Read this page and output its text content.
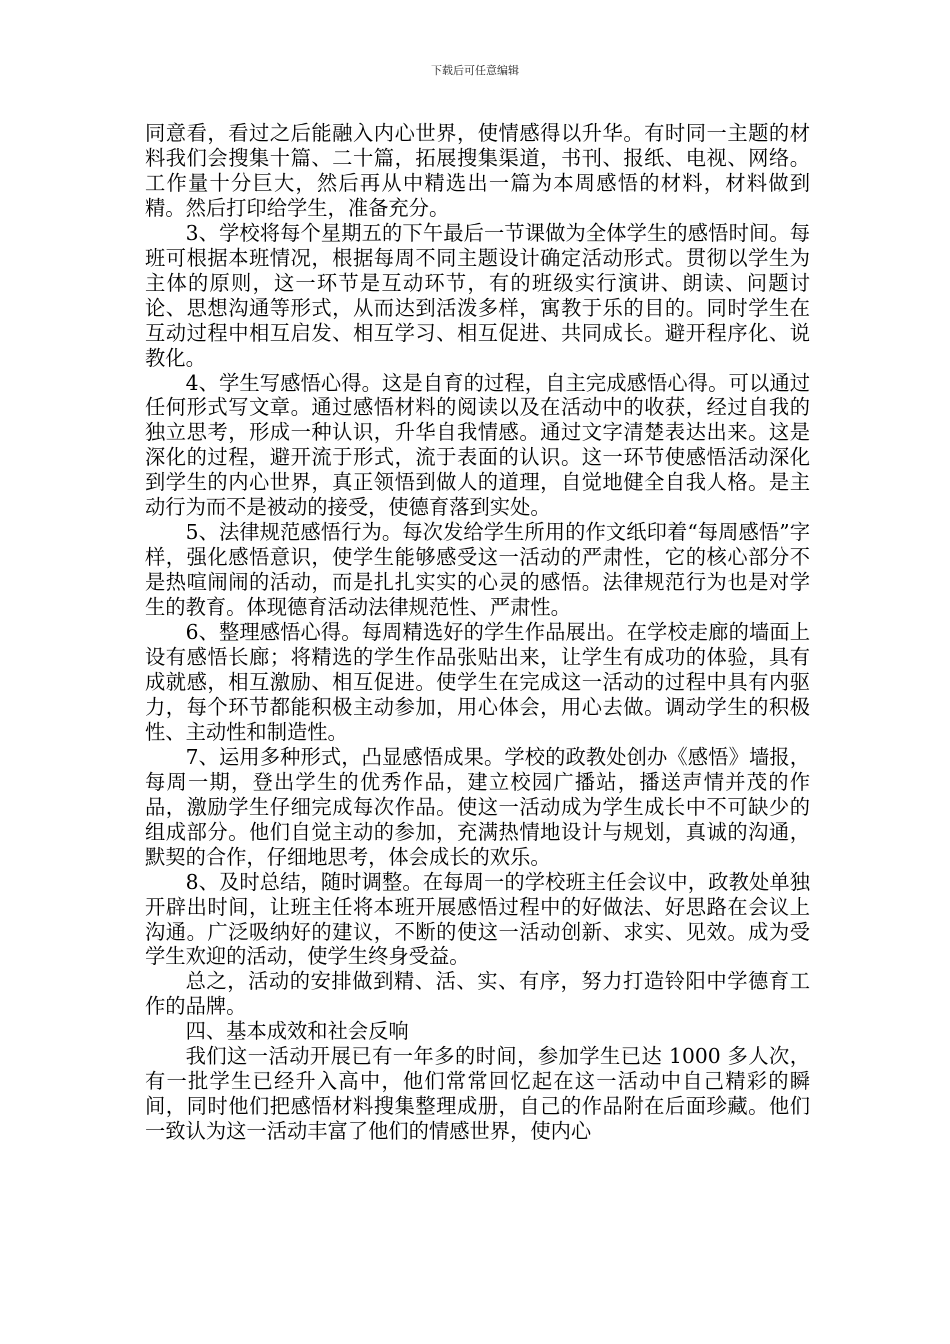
下载后可任意编辑

同意看，看过之后能融入内心世界，使情感得以升华。有时同一主题的材料我们会搜集十篇、二十篇，拓展搜集渠道，书刊、报纸、电视、网络。工作量十分巨大，然后再从中精选出一篇为本周感悟的材料，材料做到精。然后打印给学生，准备充分。

3、学校将每个星期五的下午最后一节课做为全体学生的感悟时间。每班可根据本班情况，根据每周不同主题设计确定活动形式。贯彻以学生为主体的原则，这一环节是互动环节，有的班级实行演讲、朗读、问题讨论、思想沟通等形式，从而达到活泼多样，寓教于乐的目的。同时学生在互动过程中相互启发、相互学习、相互促进、共同成长。避开程序化、说教化。

4、学生写感悟心得。这是自育的过程，自主完成感悟心得。可以通过任何形式写文章。通过感悟材料的阅读以及在活动中的收获，经过自我的独立思考，形成一种认识，升华自我情感。通过文字清楚表达出来。这是深化的过程，避开流于形式，流于表面的认识。这一环节使感悟活动深化到学生的内心世界，真正领悟到做人的道理，自觉地健全自我人格。是主动行为而不是被动的接受，使德育落到实处。

5、法律规范感悟行为。每次发给学生所用的作文纸印着“每周感悟”字样，强化感悟意识，使学生能够感受这一活动的严肃性，它的核心部分不是热喧闹闹的活动，而是扎扎实实的心灵的感悟。法律规范行为也是对学生的教育。体现德育活动法律规范性、严肃性。

6、整理感悟心得。每周精选好的学生作品展出。在学校走廊的墙面上设有感悟长廊；将精选的学生作品张贴出来，让学生有成功的体验，具有成就感，相互激励、相互促进。使学生在完成这一活动的过程中具有内驱力，每个环节都能积极主动参加，用心体会，用心去做。调动学生的积极性、主动性和制造性。

7、运用多种形式，凸显感悟成果。学校的政教处创办《感悟》墙报，每周一期，登出学生的优秀作品，建立校园广播站，播送声情并茂的作品，激励学生仔细完成每次作品。使这一活动成为学生成长中不可缺少的组成部分。他们自觉主动的参加，充满热情地设计与规划，真诚的沟通，默契的合作，仔细地思考，体会成长的欢乐。

8、及时总结，随时调整。在每周一的学校班主任会议中，政教处单独开辟出时间，让班主任将本班开展感悟过程中的好做法、好思路在会议上沟通。广泛吸纳好的建议，不断的使这一活动创新、求实、见效。成为受学生欢迎的活动，使学生终身受益。

总之，活动的安排做到精、活、实、有序，努力打造铃阳中学德育工作的品牌。

四、基本成效和社会反响

我们这一活动开展已有一年多的时间，参加学生已达 1000 多人次，有一批学生已经升入高中，他们常常回忆起在这一活动中自己精彩的瞬间，同时他们把感悟材料搜集整理成册，自己的作品附在后面珍藏。他们一致认为这一活动丰富了他们的情感世界，使内心
